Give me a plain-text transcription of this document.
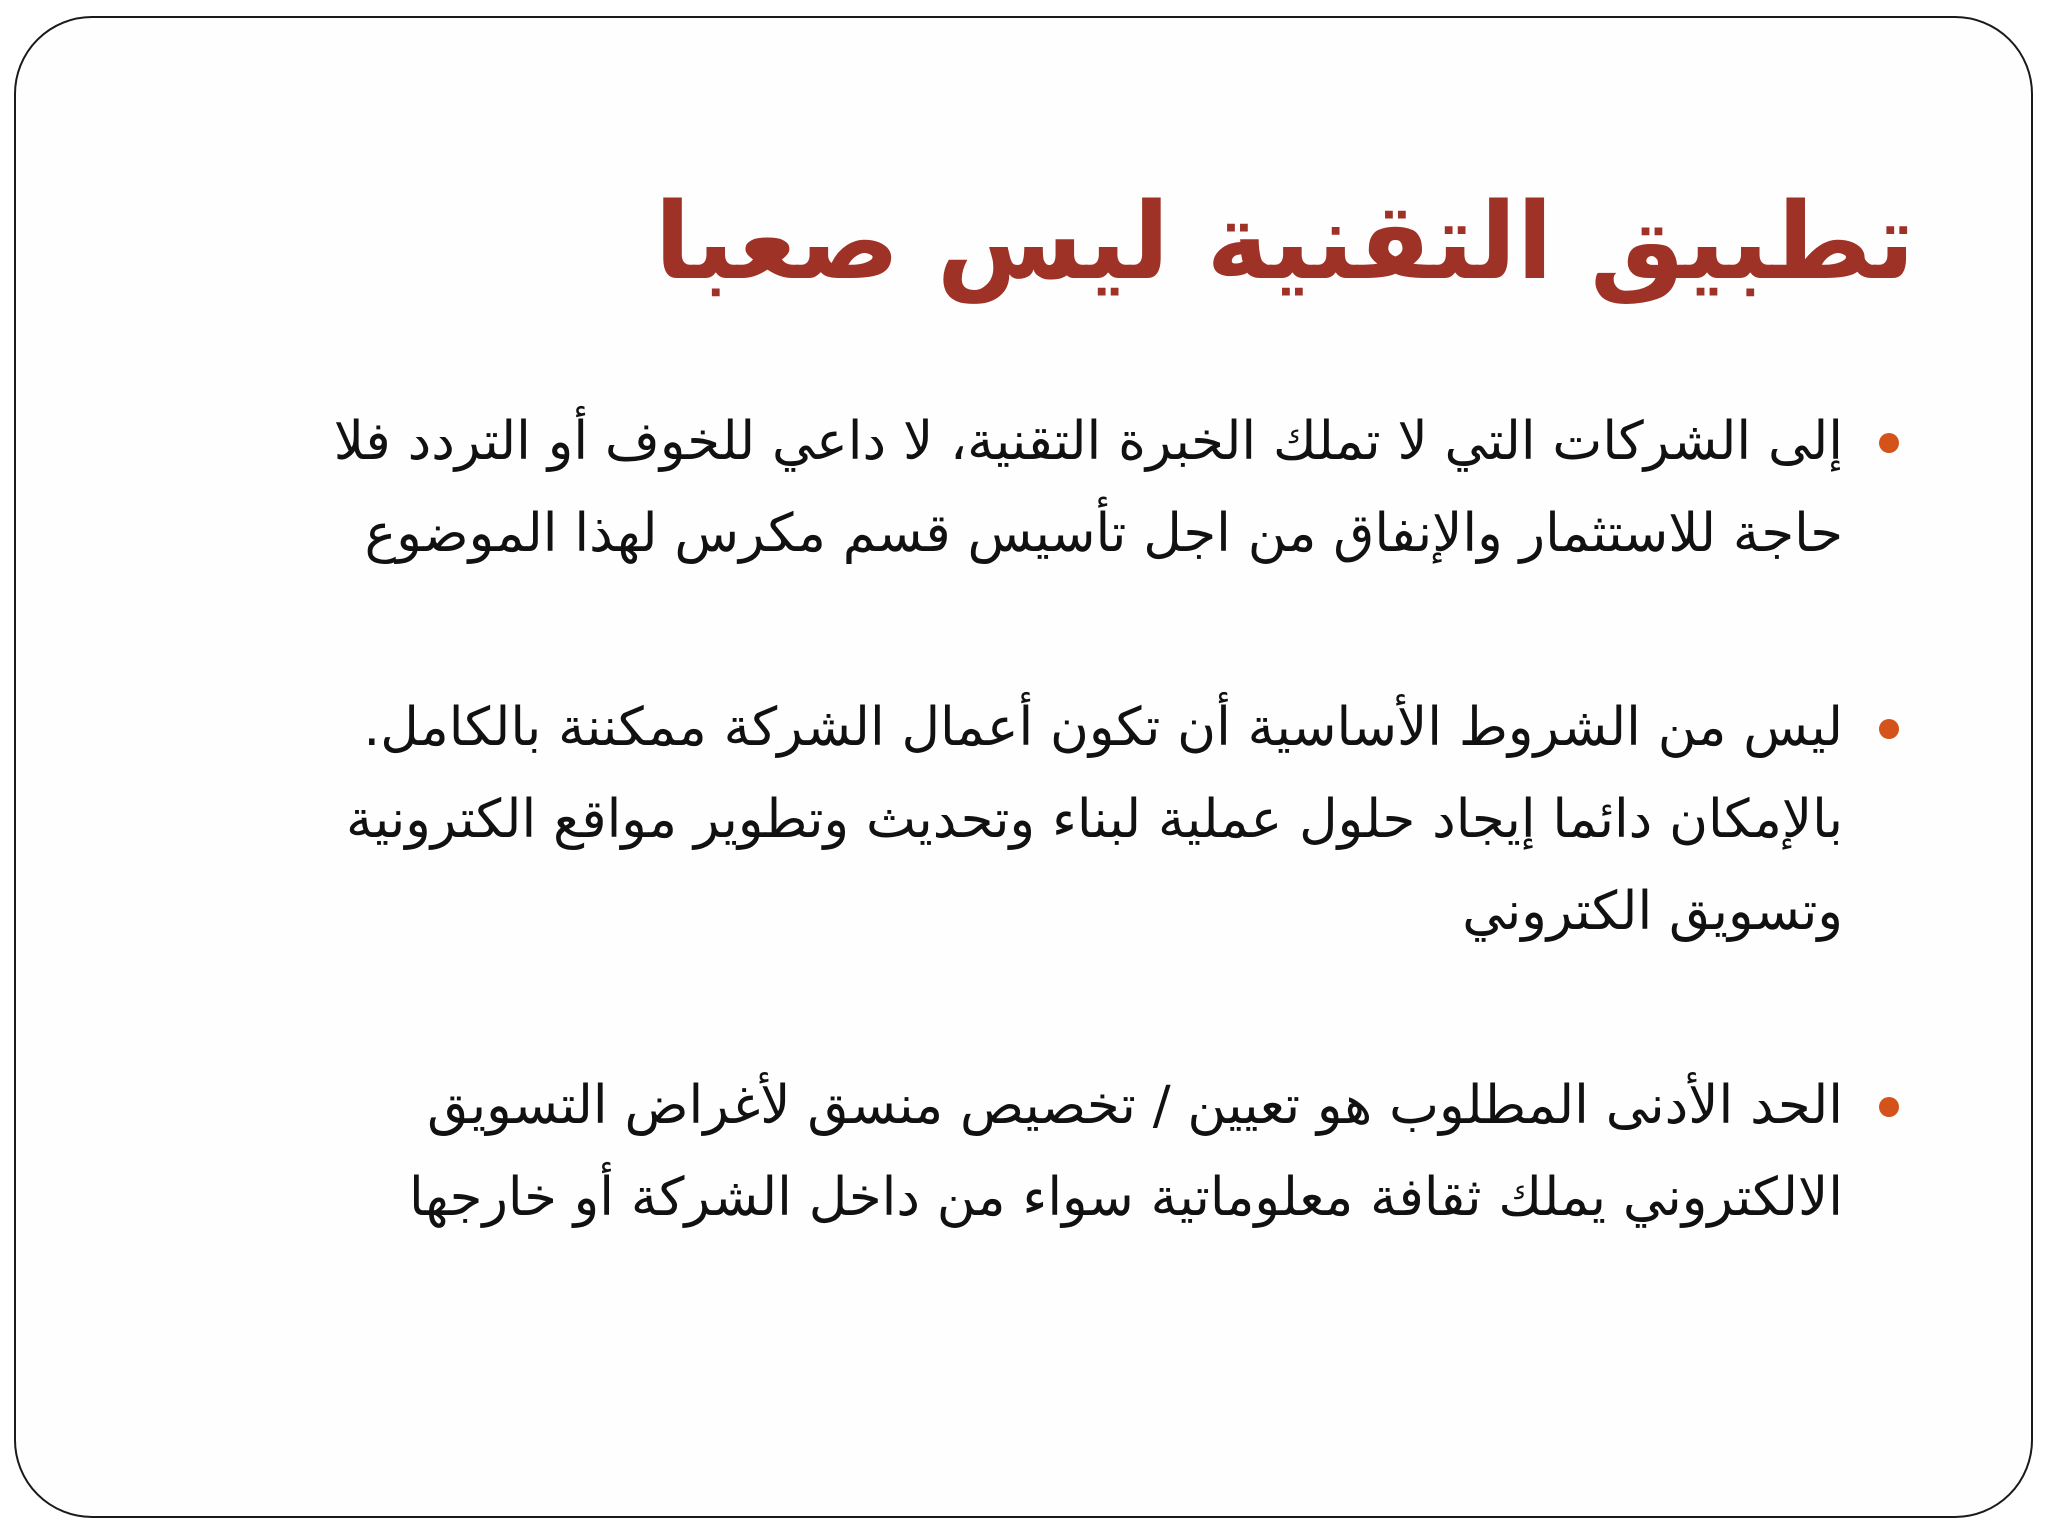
تطبيق التقنية ليس صعبا
إلى الشركات التي لا تملك الخبرة التقنية، لا داعي للخوف أو التردد فلا
حاجة للاستثمار والإنفاق من اجل تأسيس قسم مكرس لهذا الموضوع
ليس من الشروط الأساسية أن تكون أعمال الشركة ممكننة بالكامل.
بالإمكان دائما إيجاد حلول عملية لبناء وتحديث وتطوير مواقع الكترونية
وتسويق الكتروني
الحد الأدنى المطلوب هو تعيين / تخصيص منسق لأغراض التسويق
الالكتروني يملك ثقافة معلوماتية سواء من داخل الشركة أو خارجها
